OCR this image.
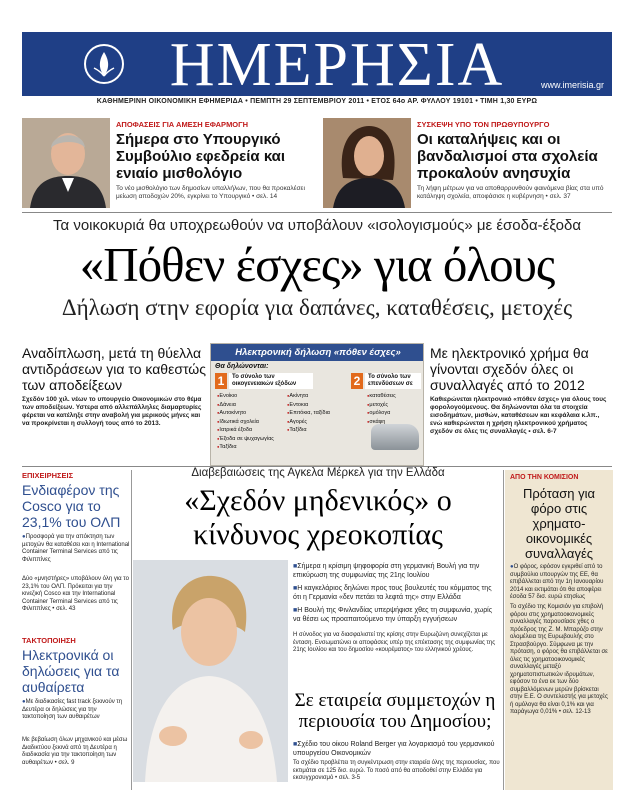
ΗΜΕΡΗΣΙΑ	www.imerisia.gr
ΚΑΘΗΜΕΡΙΝΗ ΟΙΚΟΝΟΜΙΚΗ ΕΦΗΜΕΡΙΔΑ • ΠΕΜΠΤΗ 29 ΣΕΠΤΕΜΒΡΙΟΥ 2011 • ΕΤΟΣ 64ο ΑΡ. ΦΥΛΛΟΥ 19101 • ΤΙΜΗ 1,30 ΕΥΡΩ
ΑΠΟΦΑΣΕΙΣ ΓΙΑ ΑΜΕΣΗ ΕΦΑΡΜΟΓΗ
Σήμερα στο Υπουργικό Συμβούλιο εφεδρεία και ενιαίο μισθολόγιο
Το νέο μισθολόγιο των δημοσίων υπαλλήλων, που θα προκαλέσει μείωση αποδοχών 20%, εγκρίνει το Υπουργικό • σελ. 14
ΣΥΣΚΕΨΗ ΥΠΟ ΤΟΝ ΠΡΩΘΥΠΟΥΡΓΟ
Οι καταλήψεις και οι βανδαλισμοί στα σχολεία προκαλούν ανησυχία
Τη λήψη μέτρων για να αποθαρρυνθούν φαινόμενα βίας στα υπό κατάληψη σχολεία, αποφάσισε η κυβέρνηση • σελ. 37
Τα νοικοκυριά θα υποχρεωθούν να υποβάλουν «ισολογισμούς» με έσοδα-έξοδα
«Πόθεν έσχες» για όλους
Δήλωση στην εφορία για δαπάνες, καταθέσεις, μετοχές
Αναδίπλωση, μετά τη θύελλα αντιδράσεων για το καθεστώς των αποδείξεων
Σχεδόν 100 χιλ. νέων το υπουργείο Οικονομικών στο θέμα των αποδείξεων. Υστερα από αλλεπάλληλες διαμαρτυρίες φέρεται να κατέληξε στην αναβολή για μερικούς μήνες και να προκρίνεται η συλλογή τους από το 2013.
Με ηλεκτρονικό χρήμα θα γίνονται σχεδόν όλες οι συναλλαγές από το 2012
Καθιερώνεται ηλεκτρονικό «πόθεν έσχες» για όλους τους φορολογούμενους. Θα δηλώνονται όλα τα στοιχεία εισοδημάτων, μισθών, καταθέσεων και κεφάλαια κ.λπ., ενώ καθιερώνεται η χρήση ηλεκτρονικού χρήματος σχεδόν σε όλες τις συναλλαγές • σελ. 6-7
Ηλεκτρονική δήλωση «πόθεν έσχες»
Θα δηλώνονται:
1	Το σύνολο των οικογενειακών εξόδων
● Ενοίκιο
● Δάνεια
● Αυτοκίνητο
● Ιδιωτικά σχολεία
● Ιατρικά έξοδα
● Έξοδα σε ψυχαγωγίας
● Ταξίδια
● Ακίνητα
● Εντοκια
● Επιτόκια, ταξίδια
● Αγορές
● Ταξίδια
2	Το σύνολο των επενδύσεων σε
● καταθέσεις
● μετοχές
● ομόλογα
● σκάφη
ΕΠΙΧΕΙΡΗΣΕΙΣ
Ενδιαφέρον της Cosco για το 23,1% του ΟΛΠ
● Προσφορά για την απόκτηση των μετοχών θα καταθέσει και η International Container Terminal Services από τις Φιλιππίνες
Δύο «μνηστήρες» υποβάλουν όλη για το 23,1% του ΟΛΠ. Πρόκειται για την κινεζική Cosco και την International Container Terminal Services από τις Φιλιππίνες • σελ. 43
ΤΑΚΤΟΠΟΙΗΣΗ
Ηλεκτρονικά οι δηλώσεις για τα αυθαίρετα
● Με διαδικασίες fast track ξεκινούν τη Δευτέρα οι δηλώσεις για την τακτοποίηση των αυθαιρέτων
Με βεβαίωση όλων μηχανικού και μέσω Διαδικτύου ξεκινά από τη Δευτέρα η διαδικασία για την τακτοποίηση των αυθαιρέτων • σελ. 9
Διαβεβαιώσεις της Αγκελα Μέρκελ για την Ελλάδα
«Σχεδόν μηδενικός» ο κίνδυνος χρεοκοπίας
■ Σήμερα η κρίσιμη ψηφοφορία στη γερμανική Βουλή για την επικύρωση της συμφωνίας της 21ης Ιουλίου
■ Η καγκελάριος δηλώνει προς τους βουλευτές του κόμματος της ότι η Γερμανία «δεν πετάει τα λεφτά της» στην Ελλάδα
■ Η Βουλή της Φινλανδίας υπερψήφισε χθες τη συμφωνία, χωρίς να θέσει ως προαπαιτούμενο την ύπαρξη εγγυήσεων
Η σύνοδος για να διασφαλιστεί της κρίσης στην Ευρωζώνη συνεχίζεται με ένταση. Ενσωματώνει οι αποφάσεις υπέρ της επέκτασης της συμφωνίας της 21ης Ιουλίου και του δημοσίου «κουρέματος» του ελληνικού χρέους.
Σε εταιρεία συμμετοχών η περιουσία του Δημοσίου;
■ Σχέδιο του οίκου Roland Berger για λογαριασμό του γερμανικού υπουργείου Οικονομικών
Το σχέδιο προβλέπει τη συγκέντρωση στην εταιρεία όλης της περιουσίας, που εκτιμάται σε 125 δισ. ευρώ. Το ποσό από θα αποδοθεί στην Ελλάδα για εκσυγχρονισμό • σελ. 3-5
ΑΠΟ ΤΗΝ ΚΟΜΙΣΙΟΝ
Πρόταση για φόρο στις χρηματο-οικονομικές συναλλαγές
● Ο φόρος, εφόσον εγκριθεί από το συμβούλιο υπουργών της ΕΕ, θα επιβάλλεται από την 1η Ιανουαρίου 2014 και εκτιμάται ότι θα αποφέρει έσοδα 57 δισ. ευρώ ετησίως
Το σχέδιο της Κομισιόν για επιβολή φόρου στις χρηματοοικονομικές συναλλαγές παρουσίασε χθες ο πρόεδρος της Ζ. Μ. Μπαρόζο στην ολομέλεια της Ευρωβουλής στο Στρασβούργο. Σύμφωνα με την πρόταση, ο φόρος θα επιβάλλεται σε όλες τις χρηματοοικονομικές συναλλαγές μεταξύ χρηματοπιστωτικών ιδρυμάτων, εφόσον το ένα εκ των δύο συμβαλλόμενων μερών βρίσκεται στην Ε.Ε. Ο συντελεστής για μετοχές ή ομόλογα θα είναι 0,1% και για παράγωγα 0,01% • σελ. 12-13
